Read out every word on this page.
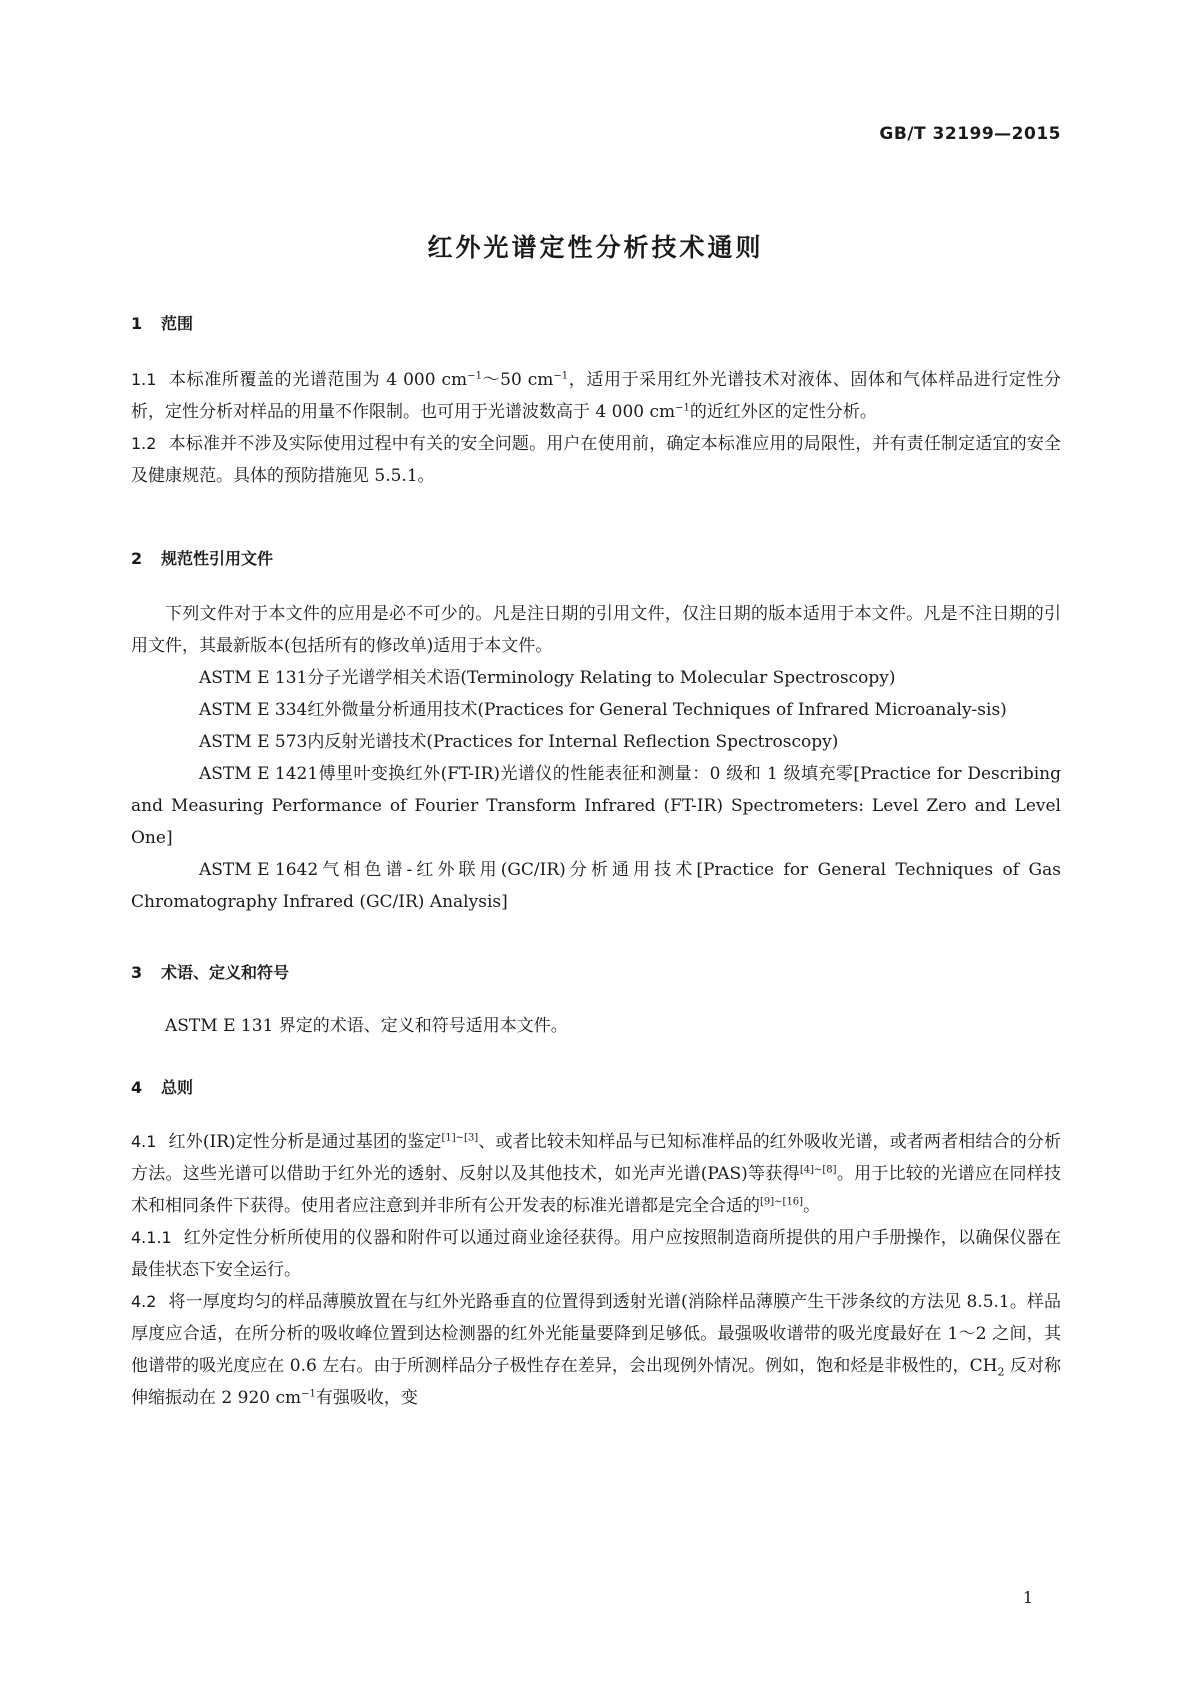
GB/T 32199—2015
红外光谱定性分析技术通则
1 范围

1.1 本标准所覆盖的光谱范围为 4 000 $cm^{-1}\sim 50$ $cm^{-1}$，适用于采用红外光谱技术对液体、固体和气体样品进行定性分析，定性分析对样品的用量不作限制。也可用于光谱波数高于 4 000 $cm^{-1}$的近红外区的定性分析。

1.2 本标准并不涉及实际使用过程中有关的安全问题。用户在使用前，确定本标准应用的局限性，并有责任制定适宜的安全及健康规范。具体的预防措施见 5.5.1。

2 规范性引用文件

下列文件对于本文件的应用是必不可少的。凡是注日期的引用文件，仅注日期的版本适用于本文件。凡是不注日期的引用文件，其最新版本(包括所有的修改单)适用于本文件。

ASTM E 131分子光谱学相关术语(Terminology Relating to Molecular Spectroscopy)

ASTM E 334红外微量分析通用技术(Practices for General Techniques of Infrared Microanaly-sis)

ASTM E 573内反射光谱技术(Practices for Internal Reflection Spectroscopy)

ASTM E 1421傅里叶变换红外(FT-IR)光谱仪的性能表征和测量：0 级和 1 级填充零[Practice for Describing and Measuring Performance of Fourier Transform Infrared (FT-IR) Spectrometers: Level Zero and Level One]

ASTM E 1642气相色谱-红外联用(GC/IR)分析通用技术[Practice for General Techniques of Gas Chromatography Infrared (GC/IR) Analysis]

3 术语、定义和符号

ASTM E 131 界定的术语、定义和符号适用本文件。

4 总则

4.1 红外(IR)定性分析是通过基团的鉴定[1]~[3]、或者比较未知样品与已知标准样品的红外吸收光谱，或者两者相结合的分析方法。这些光谱可以借助于红外光的透射、反射以及其他技术，如光声光谱(PAS)等获得[4]~[8]。用于比较的光谱应在同样技术和相同条件下获得。使用者应注意到并非所有公开发表的标准光谱都是完全合适的[9]~[16]。

4.1.1 红外定性分析所使用的仪器和附件可以通过商业途径获得。用户应按照制造商所提供的用户手册操作，以确保仪器在最佳状态下安全运行。

4.2 将一厚度均匀的样品薄膜放置在与红外光路垂直的位置得到透射光谱(消除样品薄膜产生干涉条纹的方法见 8.5.1。样品厚度应合适，在所分析的吸收峰位置到达检测器的红外光能量要降到足够低。最强吸收谱带的吸光度最好在 1～2 之间，其他谱带的吸光度应在 0.6 左右。由于所测样品分子极性存在差异，会出现例外情况。例如，饱和烃是非极性的，$CH_2$ 反对称伸缩振动在 2 920 $cm^{-1}$有强吸收，变

1
